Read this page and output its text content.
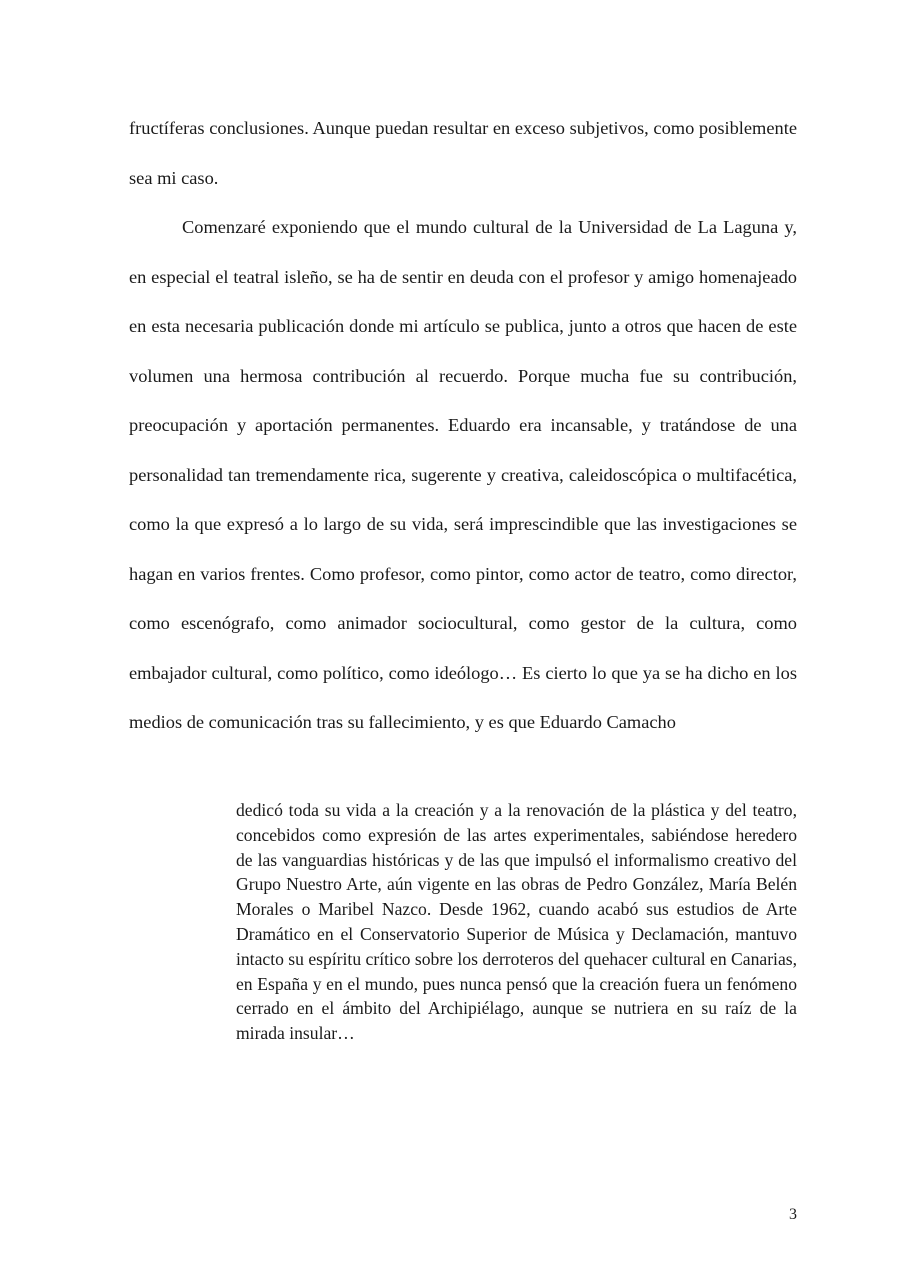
fructíferas conclusiones. Aunque puedan resultar en exceso subjetivos, como posiblemente sea mi caso.

Comenzaré exponiendo que el mundo cultural de la Universidad de La Laguna y, en especial el teatral isleño, se ha de sentir en deuda con el profesor y amigo homenajeado en esta necesaria publicación donde mi artículo se publica, junto a otros que hacen de este volumen una hermosa contribución al recuerdo. Porque mucha fue su contribución, preocupación y aportación permanentes. Eduardo era incansable, y tratándose de una personalidad tan tremendamente rica, sugerente y creativa, caleidoscópica o multifacética, como la que expresó a lo largo de su vida, será imprescindible que las investigaciones se hagan en varios frentes. Como profesor, como pintor, como actor de teatro, como director, como escenógrafo, como animador sociocultural, como gestor de la cultura, como embajador cultural, como político, como ideólogo… Es cierto lo que ya se ha dicho en los medios de comunicación tras su fallecimiento, y es que Eduardo Camacho

dedicó toda su vida a la creación y a la renovación de la plástica y del teatro, concebidos como expresión de las artes experimentales, sabiéndose heredero de las vanguardias históricas y de las que impulsó el informalismo creativo del Grupo Nuestro Arte, aún vigente en las obras de Pedro González, María Belén Morales o Maribel Nazco. Desde 1962, cuando acabó sus estudios de Arte Dramático en el Conservatorio Superior de Música y Declamación, mantuvo intacto su espíritu crítico sobre los derroteros del quehacer cultural en Canarias, en España y en el mundo, pues nunca pensó que la creación fuera un fenómeno cerrado en el ámbito del Archipiélago, aunque se nutriera en su raíz de la mirada insular…

3
